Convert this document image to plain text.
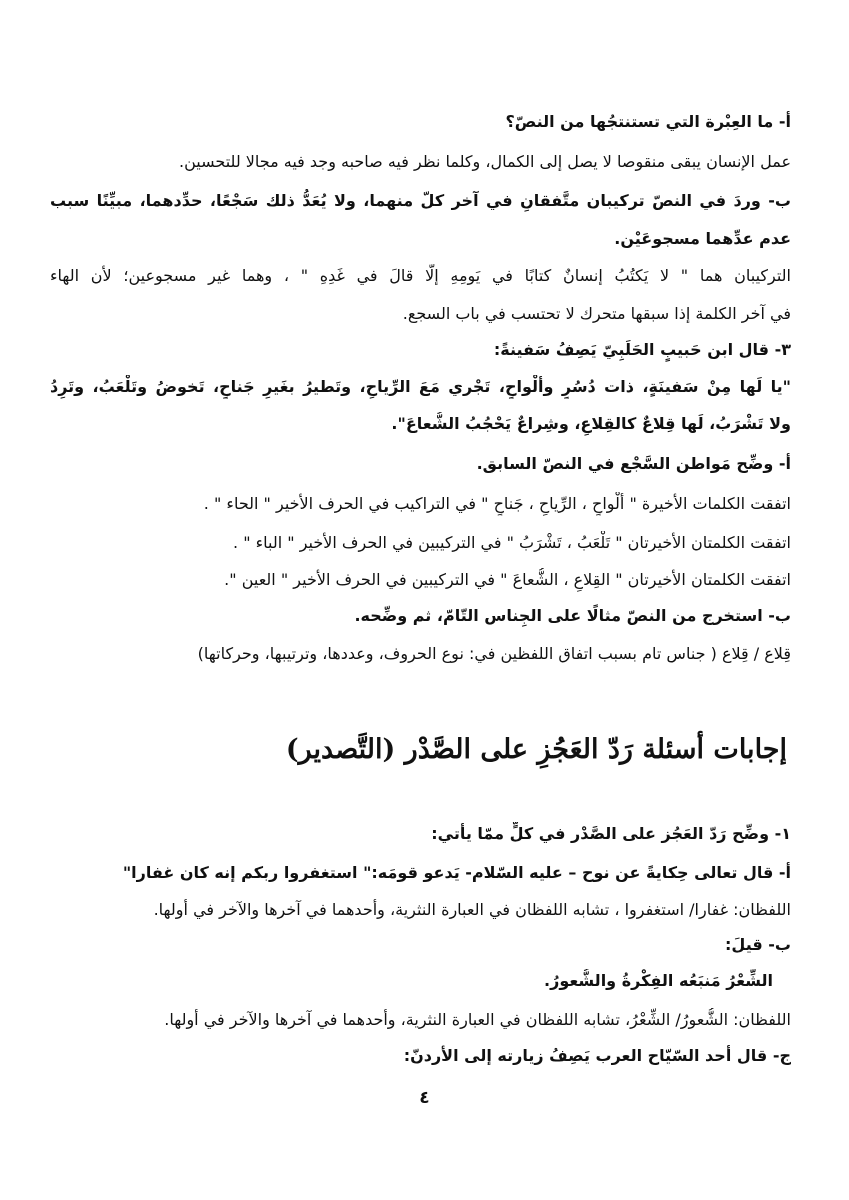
أ- ما العِبْرة التي تستنتجُها من النصّ؟
عمل الإنسان يبقى منقوصا لا يصل إلى الكمال، وكلما نظر فيه صاحبه وجد فيه مجالا للتحسين.
ب- وردَ في النصّ تركيبان متَّفقانِ في آخر كلّ منهما، ولا يُعَدُّ ذلك سَجْعًا، حدِّدهما، مبيِّنًا سبب
عدم عدِّهما مسجوعَيْن.
التركيبان هما " لا يَكتُبُ إنسانٌ كتابًا في يَومِهِ إلّا قالَ في غَدِهِ " ، وهما غير مسجوعين؛ لأن الهاء
في آخر الكلمة إذا سبقها متحرك لا تحتسب في باب السجع.
٣- قال ابن حَبيبٍ الحَلَبِيّ يَصِفُ سَفينةً:
"يا لَها مِنْ سَفينَةٍ، ذات دُسُرٍ وألْواحٍ، تَجْري مَعَ الرِّياحِ، وتَطيرُ بغَيرِ جَناحٍ، تَخوضُ وتَلْعَبُ، وتَرِدُ
ولا تَشْرَبُ، لَها قِلاعٌ كالقِلاعِ، وشِراعٌ يَحْجُبُ الشُّعاعَ".
أ- وضِّح مَواطن السَّجْع في النصّ السابق.
اتفقت الكلمات الأخيرة " ألْواحٍ ، الرِّياحِ ، جَناحٍ " في التراكيب في الحرف الأخير " الحاء " .
اتفقت الكلمتان الأخيرتان " تَلْعَبُ ، تَشْرَبُ " في التركيبين في الحرف الأخير " الباء " .
اتفقت الكلمتان الأخيرتان " القِلاعِ ، الشُّعاعَ " في التركيبين في الحرف الأخير " العين ".
ب- استخرج من النصّ مثالًا على الجِناس التّامّ، ثم وضِّحه.
قِلاع / قِلاع ( جناس تام بسبب اتفاق اللفظين في: نوع الحروف، وعددها، وترتيبها، وحركاتها)
إجابات أسئلة رَدّ العَجُزِ على الصَّدْر (التَّصدير)
١- وضِّح رَدّ العَجُز على الصَّدْر في كلٍّ ممّا يأتي:
أ- قال تعالى حِكايةً عن نوح – عليه السّلام- يَدعو قومَه:" استغفروا ربكم إنه كان غفارا"
اللفظان: غفارا/ استغفروا ، تشابه اللفظان في العبارة النثرية، وأحدهما في آخرها والآخر في أولها.
ب- قيلَ:
الشِّعْرُ مَنبَعُه الفِكْرةُ والشُّعورُ.
اللفظان: الشُّعورُ/ الشِّعْرُ، تشابه اللفظان في العبارة النثرية، وأحدهما في آخرها والآخر في أولها.
ج- قال أحد السّيّاح العرب يَصِفُ زيارته إلى الأردنّ:
٤
